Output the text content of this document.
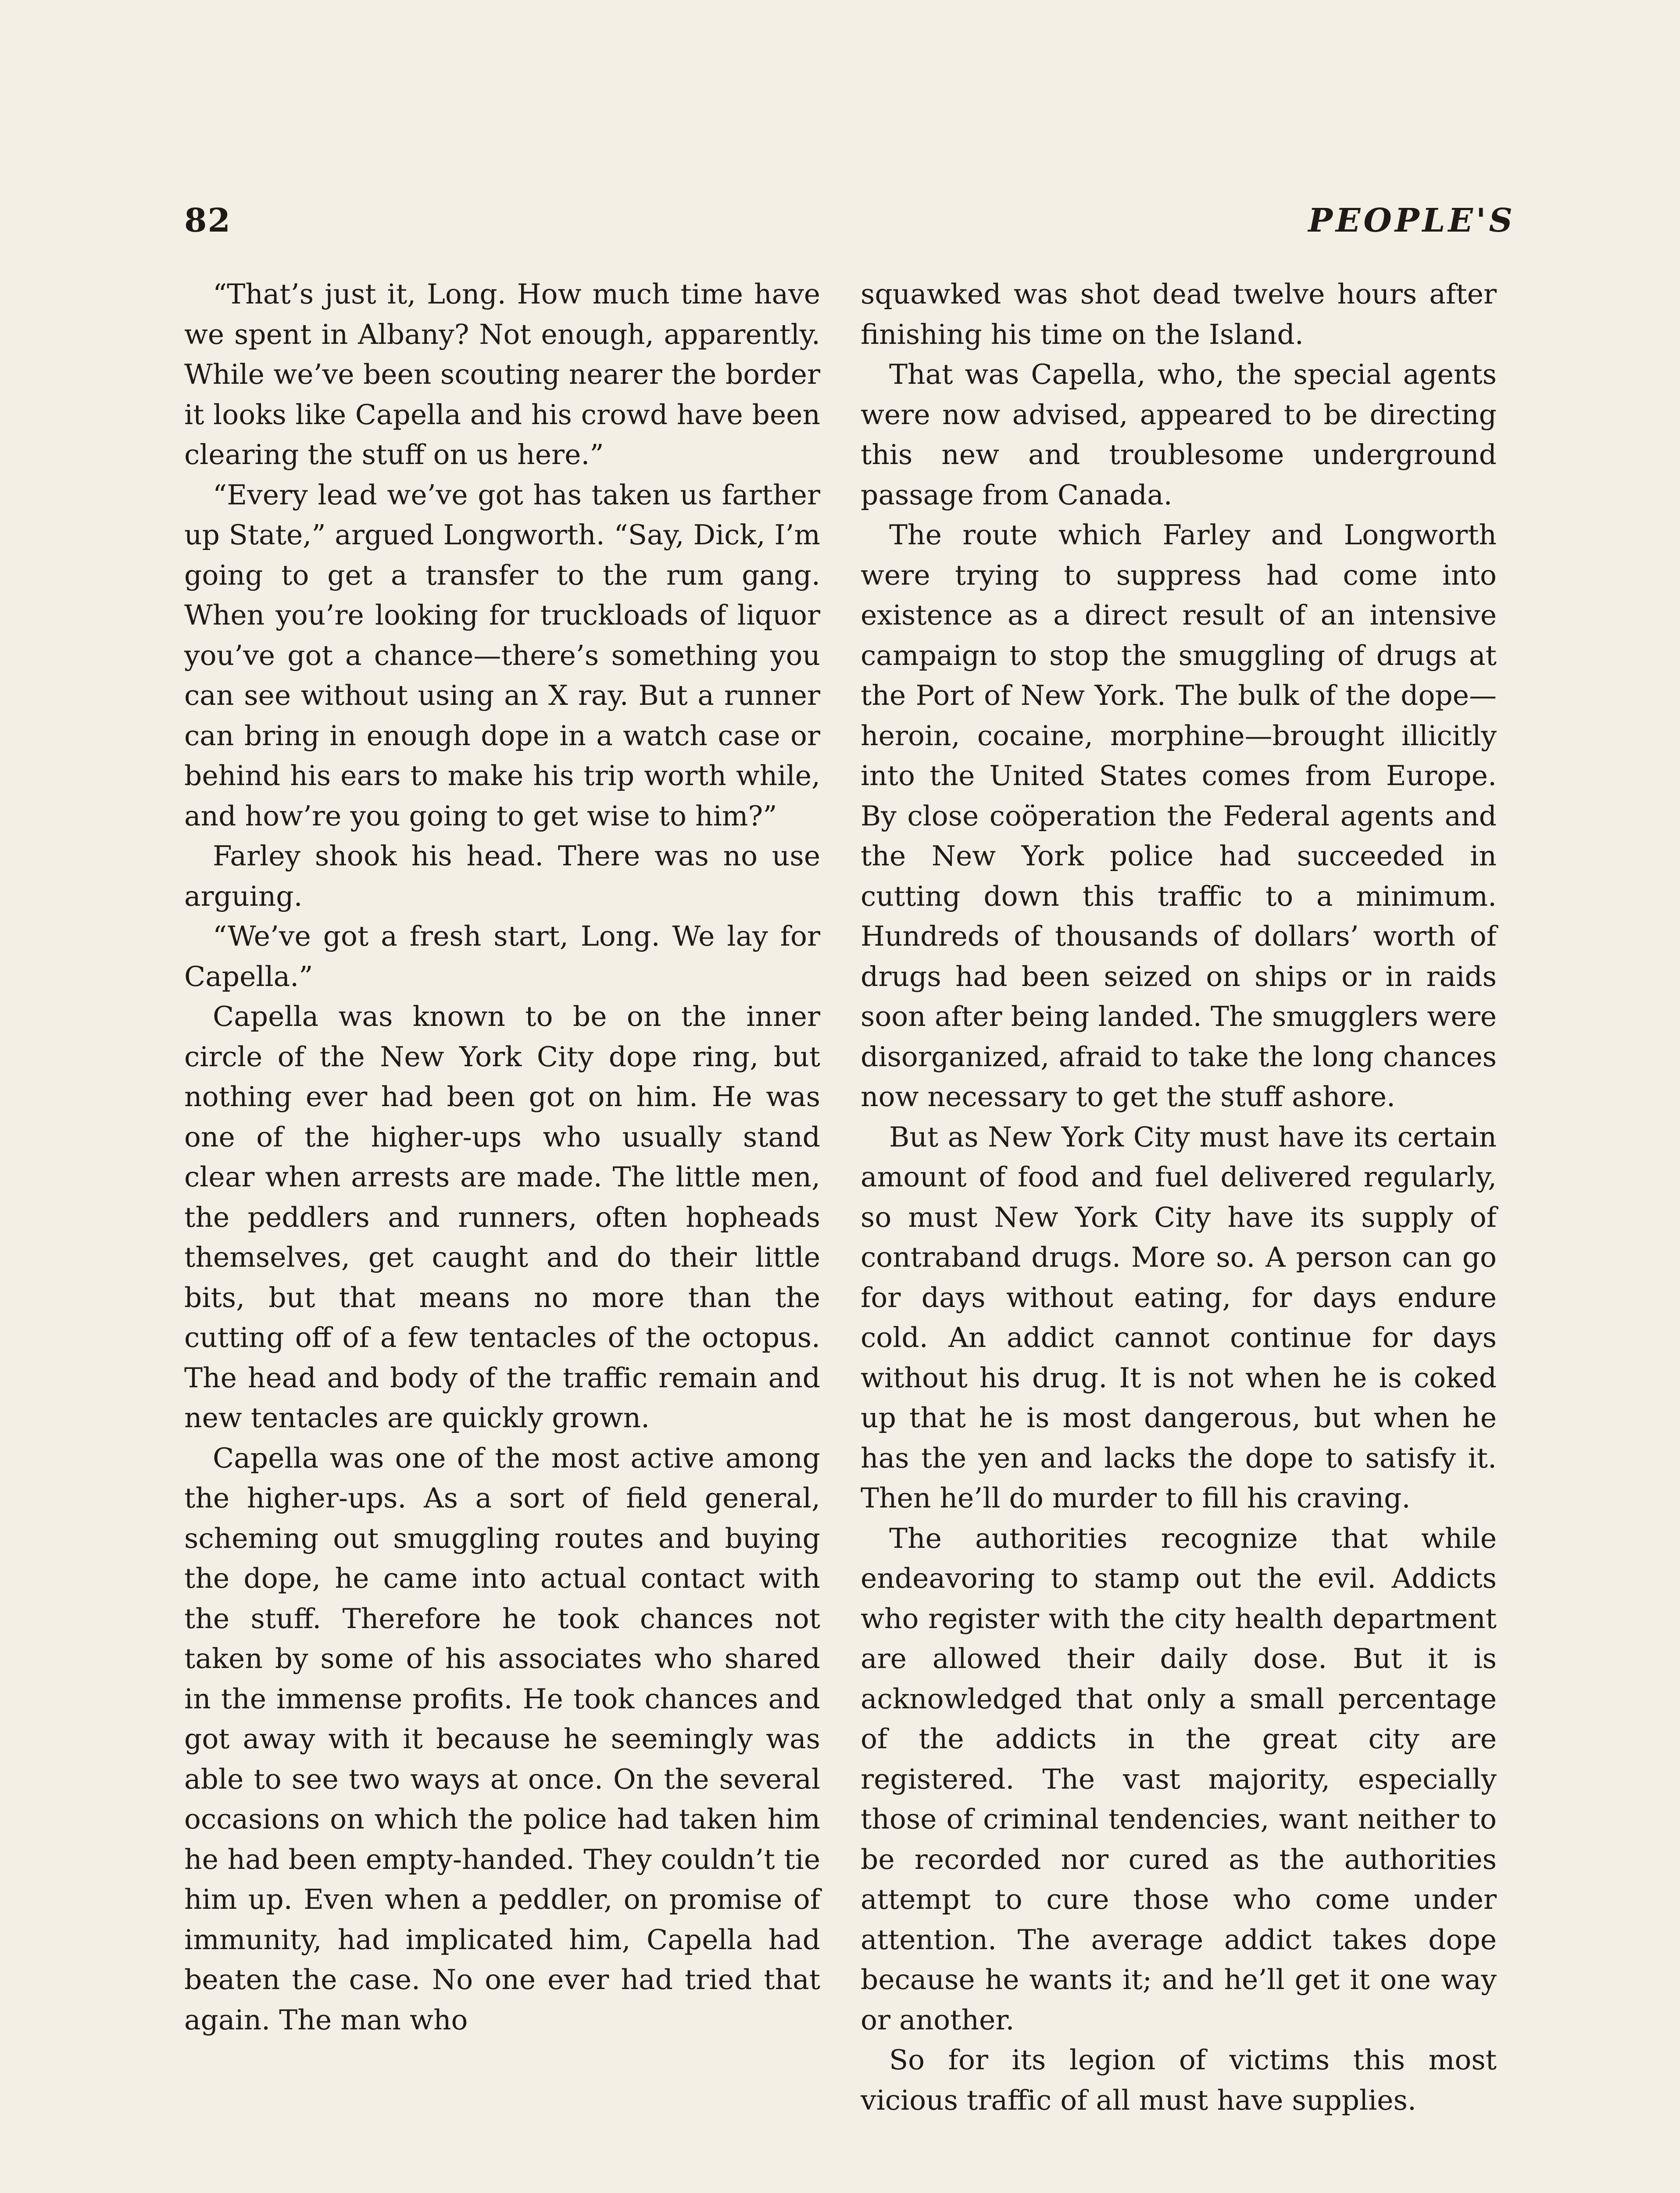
82	PEOPLE'S

“That’s just it, Long. How much time have we spent in Albany? Not enough, apparently. While we’ve been scouting nearer the border it looks like Capella and his crowd have been clearing the stuff on us here.”

“Every lead we’ve got has taken us farther up State,” argued Longworth. “Say, Dick, I’m going to get a transfer to the rum gang. When you’re looking for truckloads of liquor you’ve got a chance—there’s something you can see without using an X ray. But a runner can bring in enough dope in a watch case or behind his ears to make his trip worth while, and how’re you going to get wise to him?”

Farley shook his head. There was no use arguing.

“We’ve got a fresh start, Long. We lay for Capella.”

Capella was known to be on the inner circle of the New York City dope ring, but nothing ever had been got on him. He was one of the higher-ups who usually stand clear when arrests are made. The little men, the peddlers and runners, often hopheads themselves, get caught and do their little bits, but that means no more than the cutting off of a few tentacles of the octopus. The head and body of the traffic remain and new tentacles are quickly grown.

Capella was one of the most active among the higher-ups. As a sort of field general, scheming out smuggling routes and buying the dope, he came into actual contact with the stuff. Therefore he took chances not taken by some of his associates who shared in the immense profits. He took chances and got away with it because he seemingly was able to see two ways at once. On the several occasions on which the police had taken him he had been empty-handed. They couldn’t tie him up. Even when a peddler, on promise of immunity, had implicated him, Capella had beaten the case. No one ever had tried that again. The man who

squawked was shot dead twelve hours after finishing his time on the Island.

That was Capella, who, the special agents were now advised, appeared to be directing this new and troublesome underground passage from Canada.

The route which Farley and Longworth were trying to suppress had come into existence as a direct result of an intensive campaign to stop the smuggling of drugs at the Port of New York. The bulk of the dope—heroin, cocaine, morphine—brought illicitly into the United States comes from Europe. By close coöperation the Federal agents and the New York police had succeeded in cutting down this traffic to a minimum. Hundreds of thousands of dollars’ worth of drugs had been seized on ships or in raids soon after being landed. The smugglers were disorganized, afraid to take the long chances now necessary to get the stuff ashore.

But as New York City must have its certain amount of food and fuel delivered regularly, so must New York City have its supply of contraband drugs. More so. A person can go for days without eating, for days endure cold. An addict cannot continue for days without his drug. It is not when he is coked up that he is most dangerous, but when he has the yen and lacks the dope to satisfy it. Then he’ll do murder to fill his craving.

The authorities recognize that while endeavoring to stamp out the evil. Addicts who register with the city health department are allowed their daily dose. But it is acknowledged that only a small percentage of the addicts in the great city are registered. The vast majority, especially those of criminal tendencies, want neither to be recorded nor cured as the authorities attempt to cure those who come under attention. The average addict takes dope because he wants it; and he’ll get it one way or another.

So for its legion of victims this most vicious traffic of all must have supplies.
